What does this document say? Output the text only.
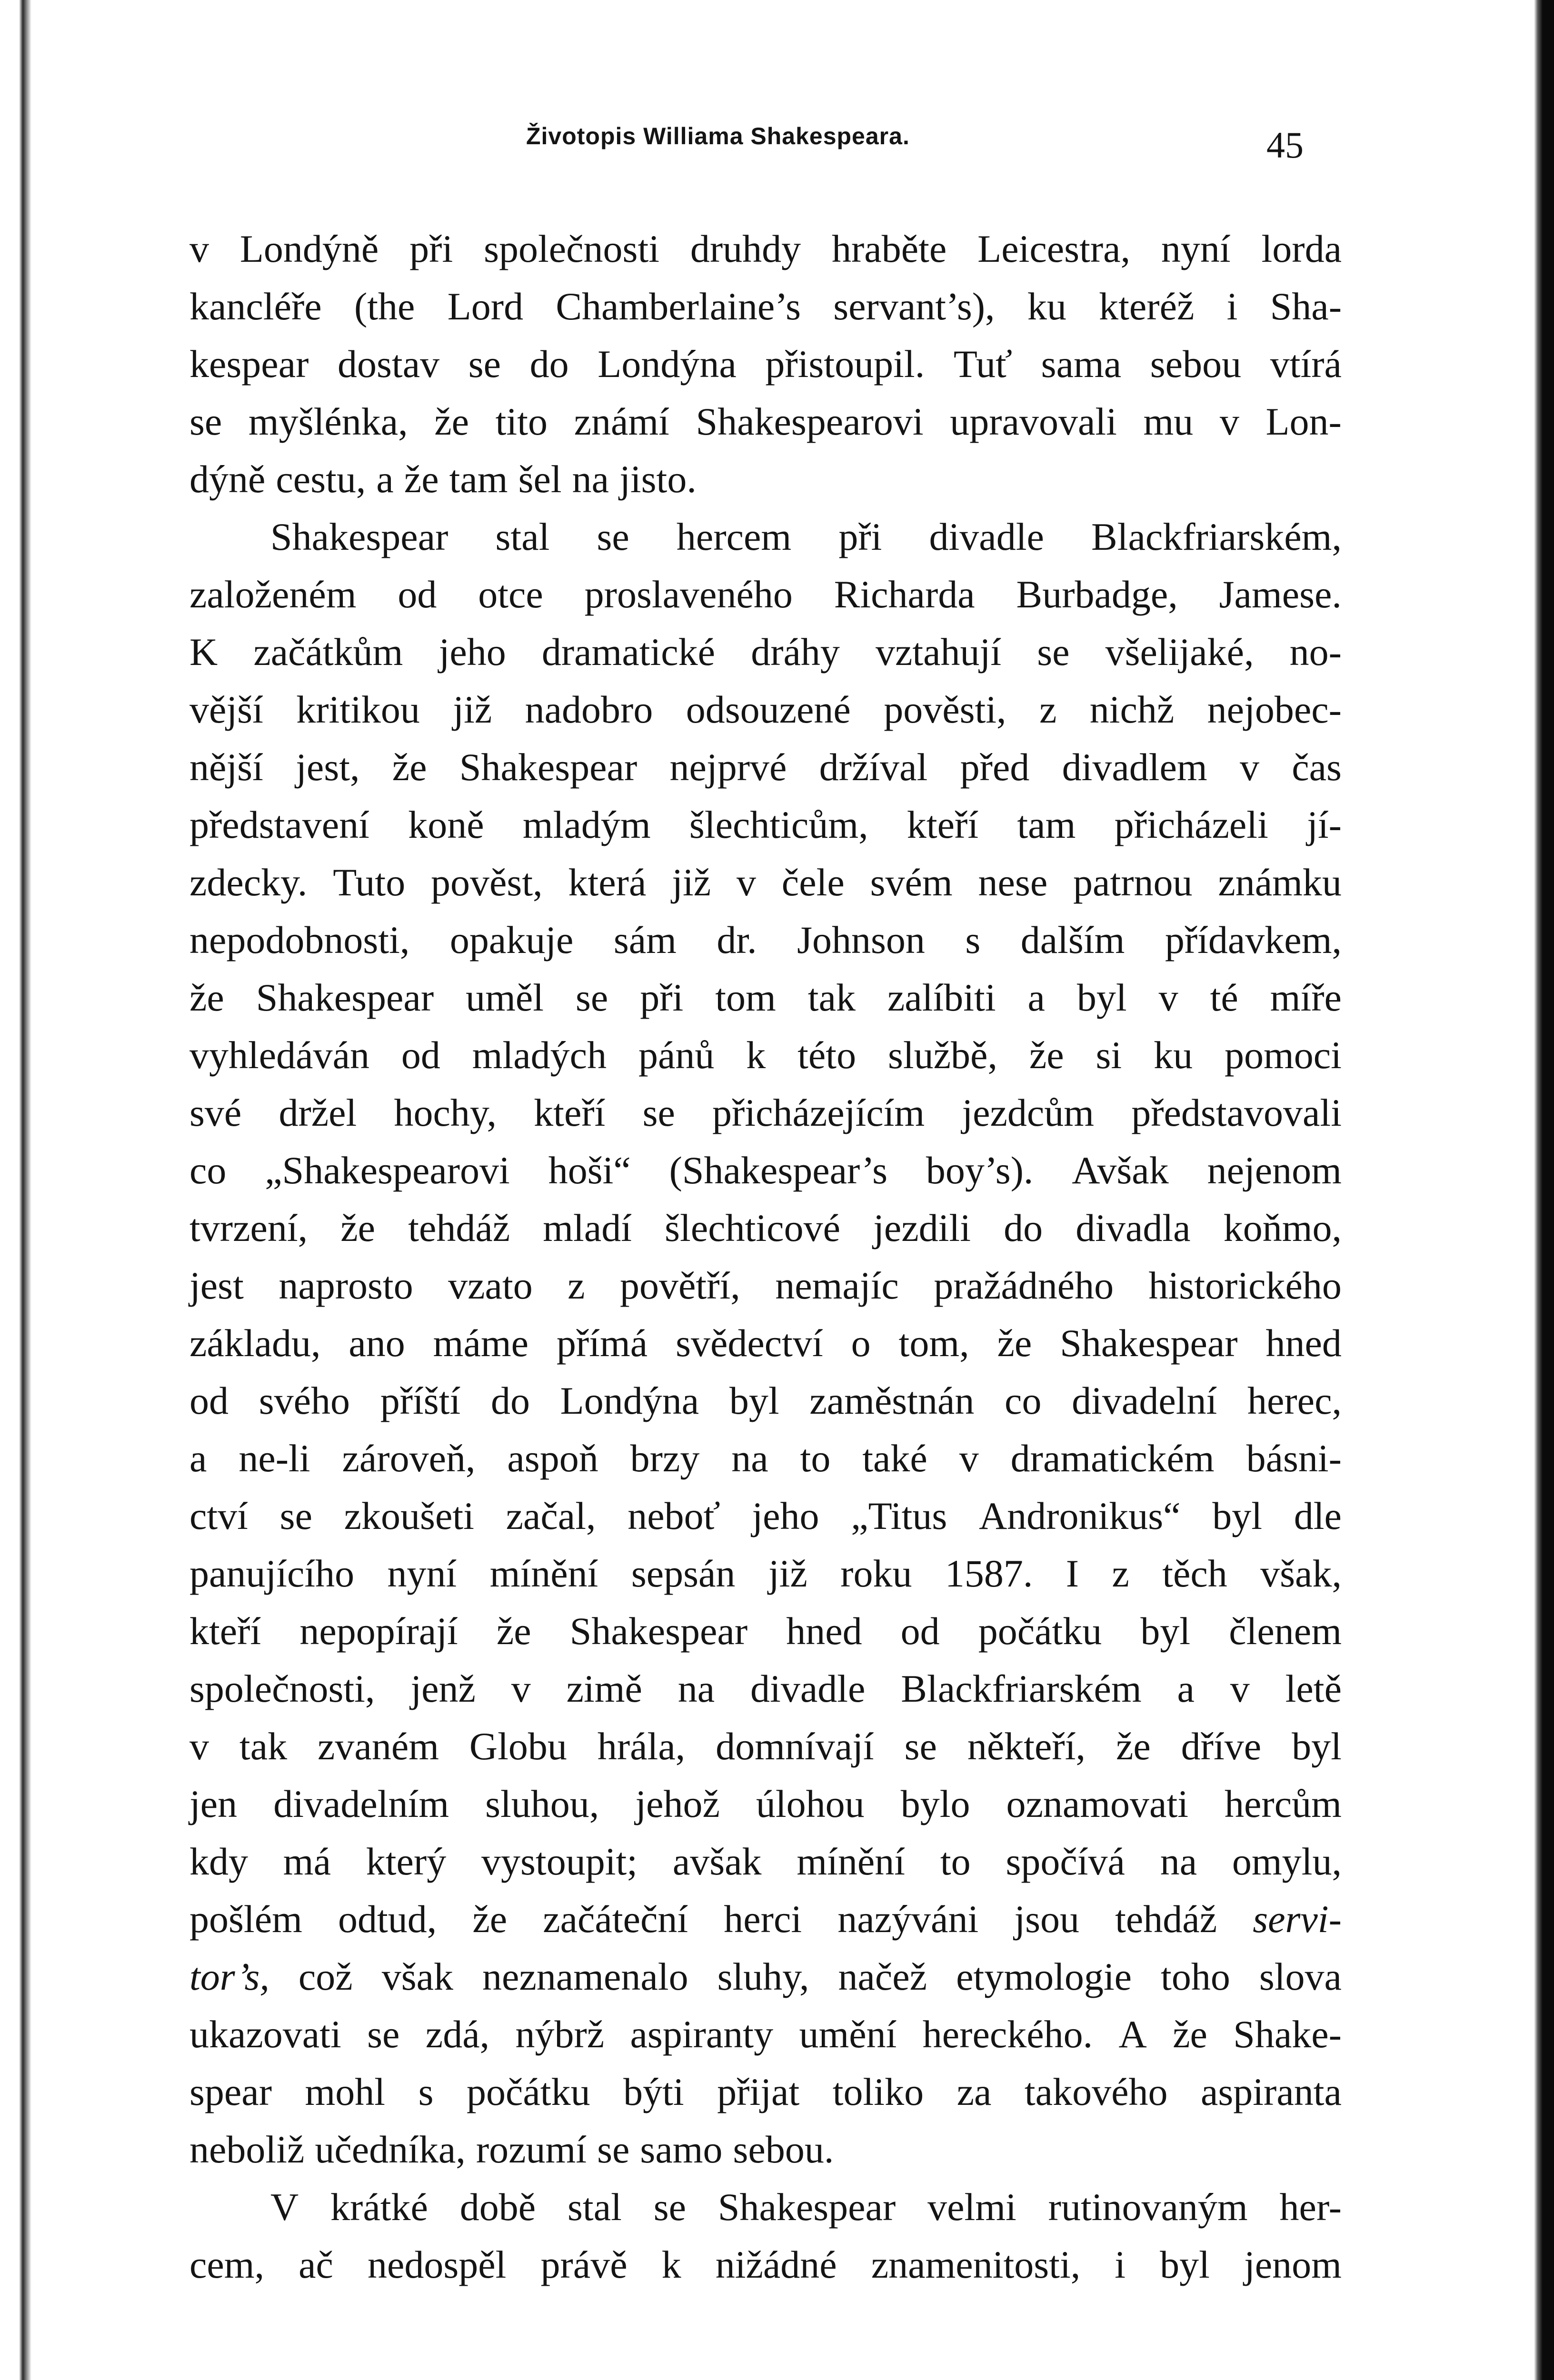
Životopis Williama Shakespeara.	45
v Londýně při společnosti druhdy hraběte Leicestra, nyní lorda
kancléře (the Lord Chamberlaine’s servant’s), ku kteréž i Sha-
kespear dostav se do Londýna přistoupil. Tuť sama sebou vtírá
se myšlénka, že tito známí Shakespearovi upravovali mu v Lon-
dýně cestu, a že tam šel na jisto.
Shakespear stal se hercem při divadle Blackfriarském,
založeném od otce proslaveného Richarda Burbadge, Jamese.
K začátkům jeho dramatické dráhy vztahují se všelijaké, no-
vější kritikou již nadobro odsouzené pověsti, z nichž nejobec-
nější jest, že Shakespear nejprvé držíval před divadlem v čas
představení koně mladým šlechticům, kteří tam přicházeli jí-
zdecky. Tuto pověst, která již v čele svém nese patrnou známku
nepodobnosti, opakuje sám dr. Johnson s dalším přídavkem,
že Shakespear uměl se při tom tak zalíbiti a byl v té míře
vyhledáván od mladých pánů k této službě, že si ku pomoci
své držel hochy, kteří se přicházejícím jezdcům představovali
co „Shakespearovi hoši“ (Shakespear’s boy’s). Avšak nejenom
tvrzení, že tehdáž mladí šlechticové jezdili do divadla koňmo,
jest naprosto vzato z povětří, nemajíc pražádného historického
základu, ano máme přímá svědectví o tom, že Shakespear hned
od svého příští do Londýna byl zaměstnán co divadelní herec,
a ne-li zároveň, aspoň brzy na to také v dramatickém básni-
ctví se zkoušeti začal, neboť jeho „Titus Andronikus“ byl dle
panujícího nyní mínění sepsán již roku 1587. I z těch však,
kteří nepopírají že Shakespear hned od počátku byl členem
společnosti, jenž v zimě na divadle Blackfriarském a v letě
v tak zvaném Globu hrála, domnívají se někteří, že dříve byl
jen divadelním sluhou, jehož úlohou bylo oznamovati hercům
kdy má který vystoupit; avšak mínění to spočívá na omylu,
pošlém odtud, že začáteční herci nazýváni jsou tehdáž servi-
tor’s, což však neznamenalo sluhy, načež etymologie toho slova
ukazovati se zdá, nýbrž aspiranty umění hereckého. A že Shake-
spear mohl s počátku býti přijat toliko za takového aspiranta
neboliž učedníka, rozumí se samo sebou.
V krátké době stal se Shakespear velmi rutinovaným her-
cem, ač nedospěl právě k nižádné znamenitosti, i byl jenom
